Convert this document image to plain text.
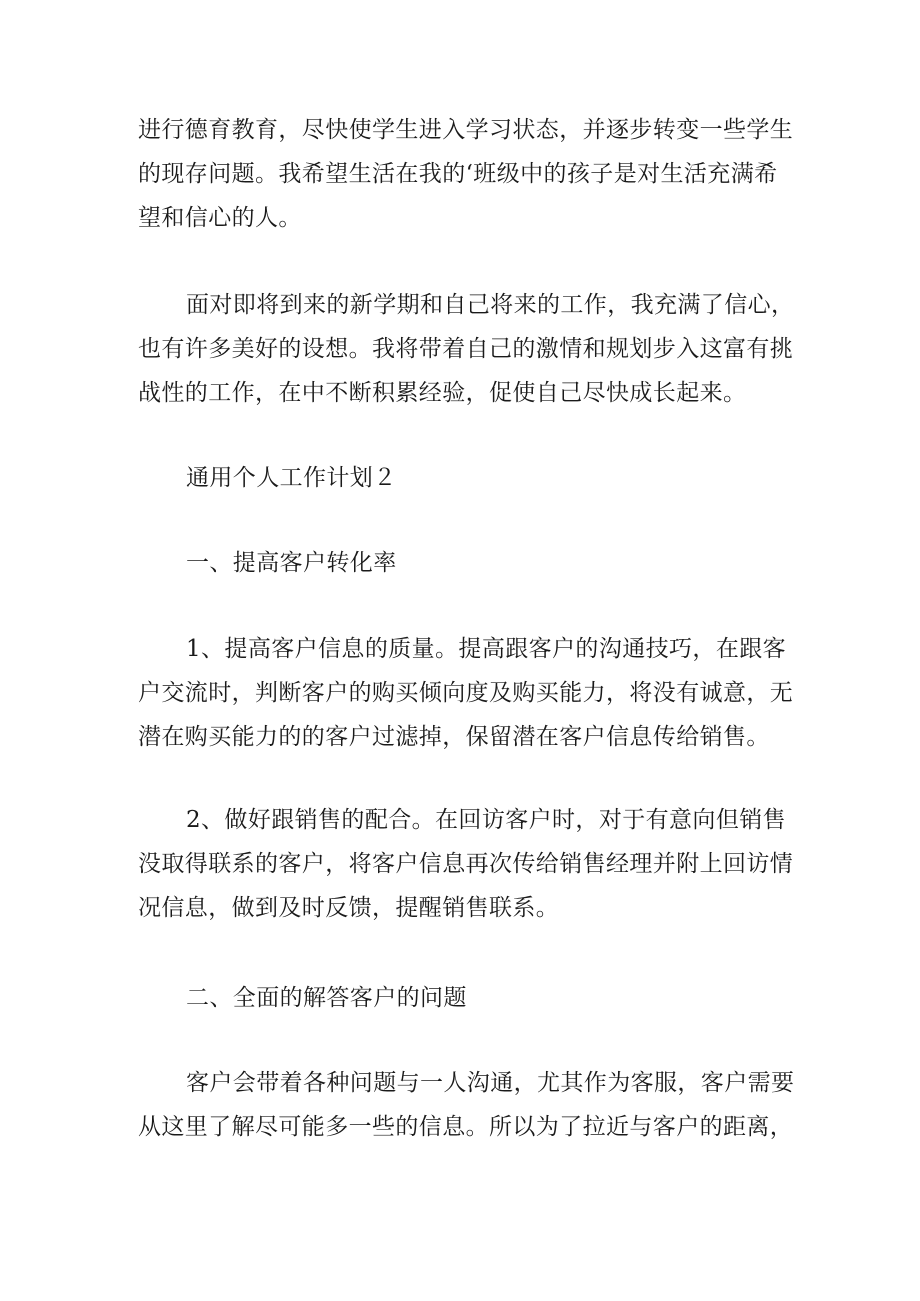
进行德育教育，尽快使学生进入学习状态，并逐步转变一些学生
的现存问题。我希望生活在我的‘班级中的孩子是对生活充满希
望和信心的人。
面对即将到来的新学期和自己将来的工作，我充满了信心，
也有许多美好的设想。我将带着自己的激情和规划步入这富有挑
战性的工作，在中不断积累经验，促使自己尽快成长起来。
通用个人工作计划２
一、提高客户转化率
1、提高客户信息的质量。提高跟客户的沟通技巧，在跟客
户交流时，判断客户的购买倾向度及购买能力，将没有诚意，无
潜在购买能力的的客户过滤掉，保留潜在客户信息传给销售。
2、做好跟销售的配合。在回访客户时，对于有意向但销售
没取得联系的客户，将客户信息再次传给销售经理并附上回访情
况信息，做到及时反馈，提醒销售联系。
二、全面的解答客户的问题
客户会带着各种问题与一人沟通，尤其作为客服，客户需要
从这里了解尽可能多一些的信息。所以为了拉近与客户的距离，
